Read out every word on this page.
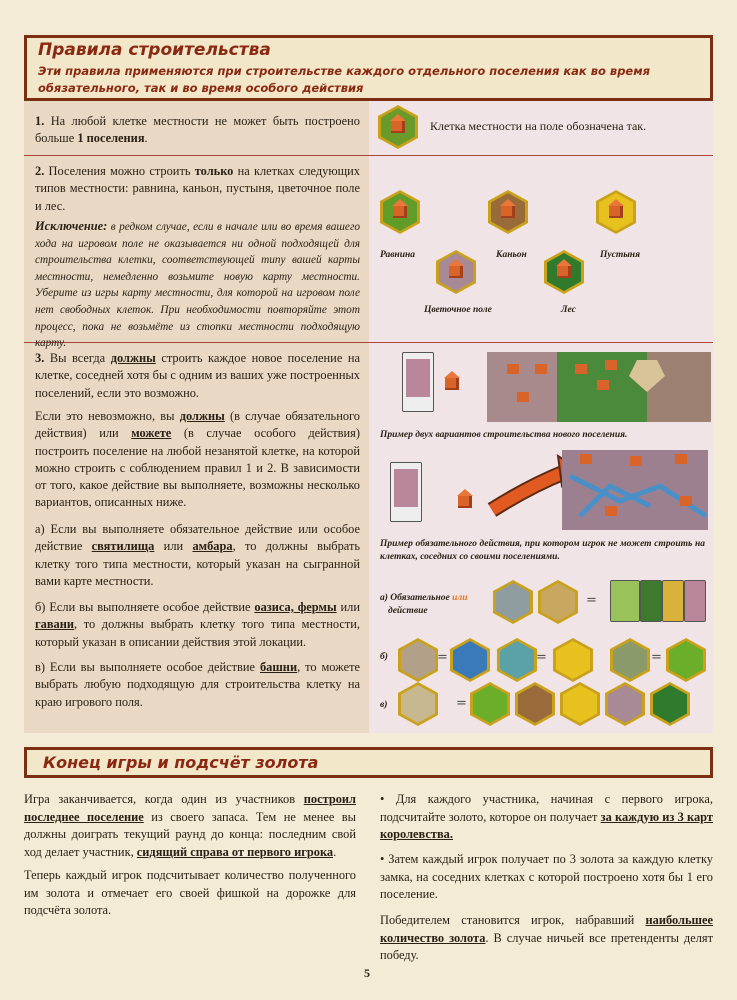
Правила строительства
Эти правила применяются при строительстве каждого отдельного поселения как во время
обязательного, так и во время особого действия
1. На любой клетке местности не может быть построено больше 1 поселения.
Клетка местности на поле обозначена так.
2. Поселения можно строить только на клетках следующих типов местности: равнина, каньон, пустыня, цветочное поле и лес.
Исключение: в редком случае, если в начале или во время вашего хода на игровом поле не оказывается ни одной подходящей для строительства клетки, соответствующей типу вашей карты местности, немедленно возьмите новую карту местности. Уберите из игры карту местности, для которой на игровом поле нет свободных клеток. При необходимости повторяйте этот процесс, пока не возьмёте из стопки местности подходящую карту.
Равнина	Каньон	Пустыня
Цветочное поле	Лес
3. Вы всегда должны строить каждое новое поселение на клетке, соседней хотя бы с одним из ваших уже построенных поселений, если это возможно.
Если это невозможно, вы должны (в случае обязательного действия) или можете (в случае особого действия) построить поселение на любой незанятой клетке, на которой можно строить с соблюдением правил 1 и 2. В зависимости от того, какое действие вы выполняете, возможны несколько вариантов, описанных ниже.
а) Если вы выполняете обязательное действие или особое действие святилища или амбара, то должны выбрать клетку того типа местности, который указан на сыгранной вами карте местности.
б) Если вы выполняете особое действие оазиса, фермы или гавани, то должны выбрать клетку того типа местности, который указан в описании действия этой локации.
в) Если вы выполняете особое действие башни, то можете выбрать любую подходящую для строительства клетку на краю игрового поля.
Пример двух вариантов строительства нового поселения.
Пример обязательного действия, при котором игрок не может строить на клетках, соседних со своими поселениями.
а) Обязательное или
действие
=
б)	=	=	=
в)	=
Конец игры и подсчёт золота
Игра заканчивается, когда один из участников построил последнее поселение из своего запаса. Тем не менее вы должны доиграть текущий раунд до конца: последним свой ход делает участник, сидящий справа от первого игрока.
Теперь каждый игрок подсчитывает количество полученного им золота и отмечает его своей фишкой на дорожке для подсчёта золота.
• Для каждого участника, начиная с первого игрока, подсчитайте золото, которое он получает за каждую из 3 карт королевства.
• Затем каждый игрок получает по 3 золота за каждую клетку замка, на соседних клетках с которой построено хотя бы 1 его поселение.
Победителем становится игрок, набравший наибольшее количество золота. В случае ничьей все претенденты делят победу.
5
